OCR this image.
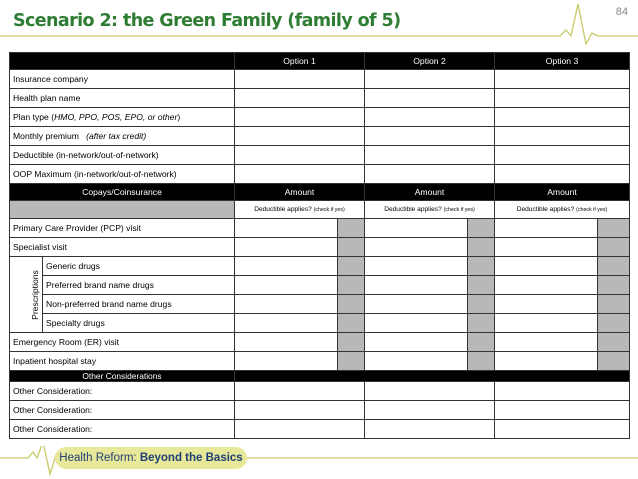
Scenario 2: the Green Family (family of 5)	84
		Option 1		Option 2		Option 3	
Insurance company							
Health plan name							
Plan type (HMO, PPO, POS, EPO, or other)							
Monthly premium   (after tax credit)							
Deductible (in-network/out-of-network)							
OOP Maximum (in-network/out-of-network)							
Copays/Coinsurance		Amount		Amount		Amount	
		Deductible applies? (check if yes)		Deductible applies? (check if yes)		Deductible applies? (check if yes)	
Primary Care Provider (PCP) visit							
Specialist visit							
Prescriptions	Generic drugs						
	Preferred brand name drugs						
	Non-preferred brand name drugs						
	Specialty drugs						
Emergency Room (ER) visit							
Inpatient hospital stay							
Other Considerations							
Other Consideration:							
Other Consideration:							
Other Consideration:							
Health Reform: Beyond the Basics
